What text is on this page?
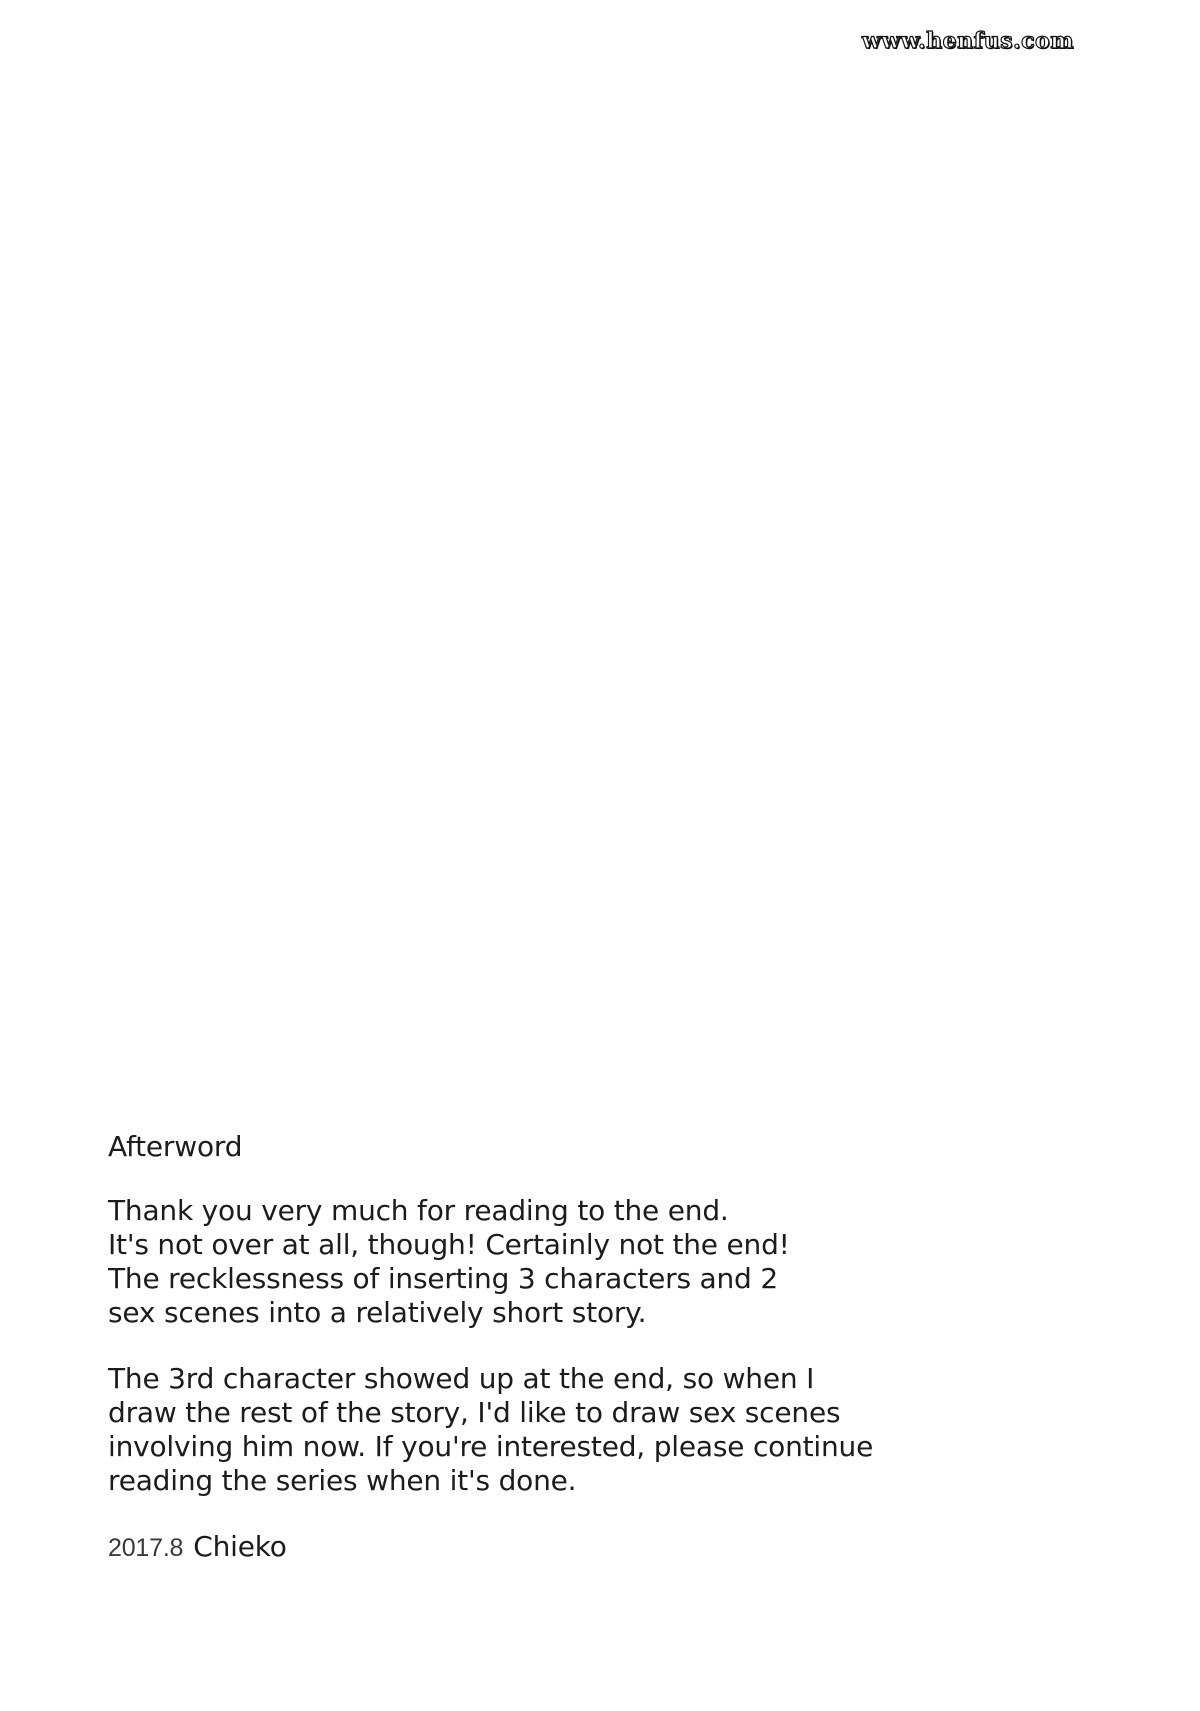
www.henfus.com
Afterword

Thank you very much for reading to the end.
It's not over at all, though! Certainly not the end!
The recklessness of inserting 3 characters and 2
sex scenes into a relatively short story.

The 3rd character showed up at the end, so when I
draw the rest of the story, I'd like to draw sex scenes
involving him now. If you're interested, please continue
reading the series when it's done.

2017.8 Chieko
